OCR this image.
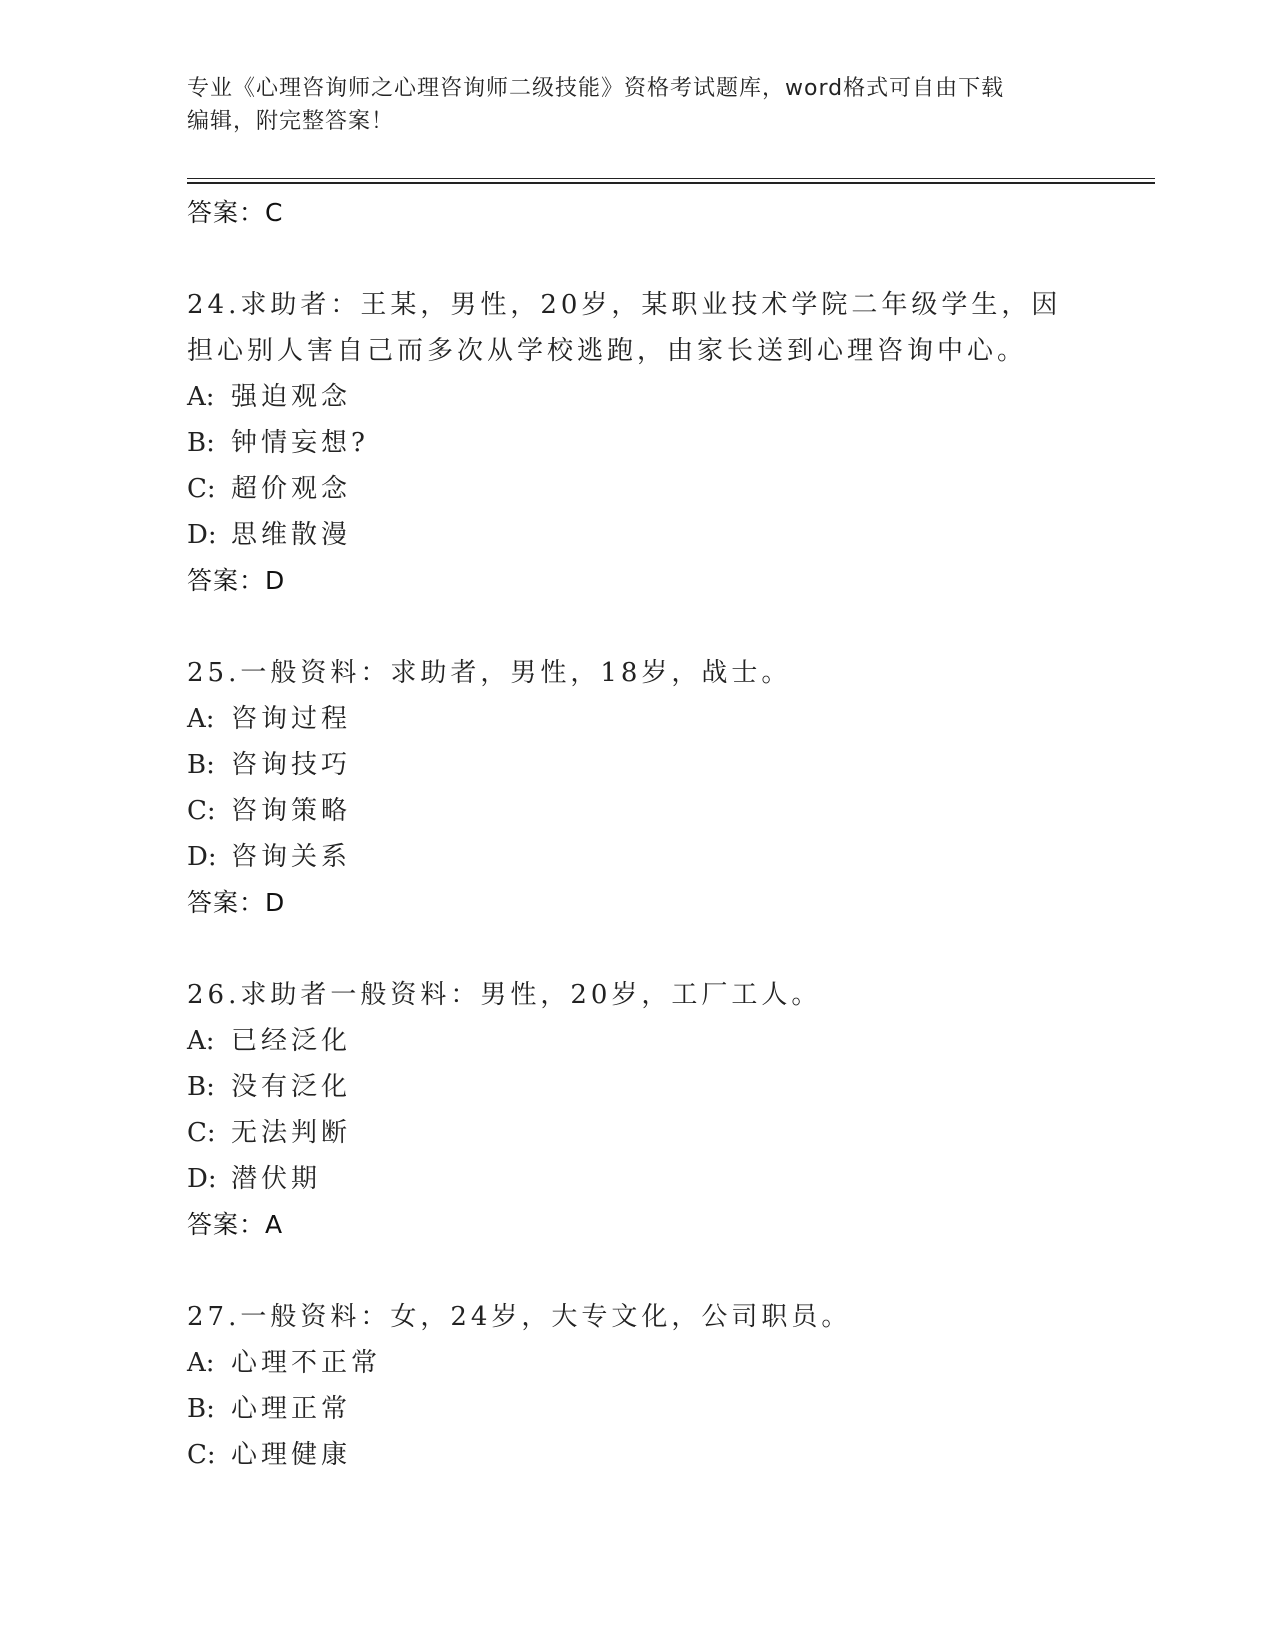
专业《心理咨询师之心理咨询师二级技能》资格考试题库，word格式可自由下载
编辑，附完整答案！
答案：C
24.求助者：王某，男性，20岁，某职业技术学院二年级学生，因担心别人害自己而多次从学校逃跑，由家长送到心理咨询中心。
A: 强迫观念
B: 钟情妄想?
C: 超价观念
D: 思维散漫
答案：D
25.一般资料：求助者，男性，18岁，战士。
A: 咨询过程
B: 咨询技巧
C: 咨询策略
D: 咨询关系
答案：D
26.求助者一般资料：男性，20岁，工厂工人。
A: 已经泛化
B: 没有泛化
C: 无法判断
D: 潜伏期
答案：A
27.一般资料：女，24岁，大专文化，公司职员。
A: 心理不正常
B: 心理正常
C: 心理健康
